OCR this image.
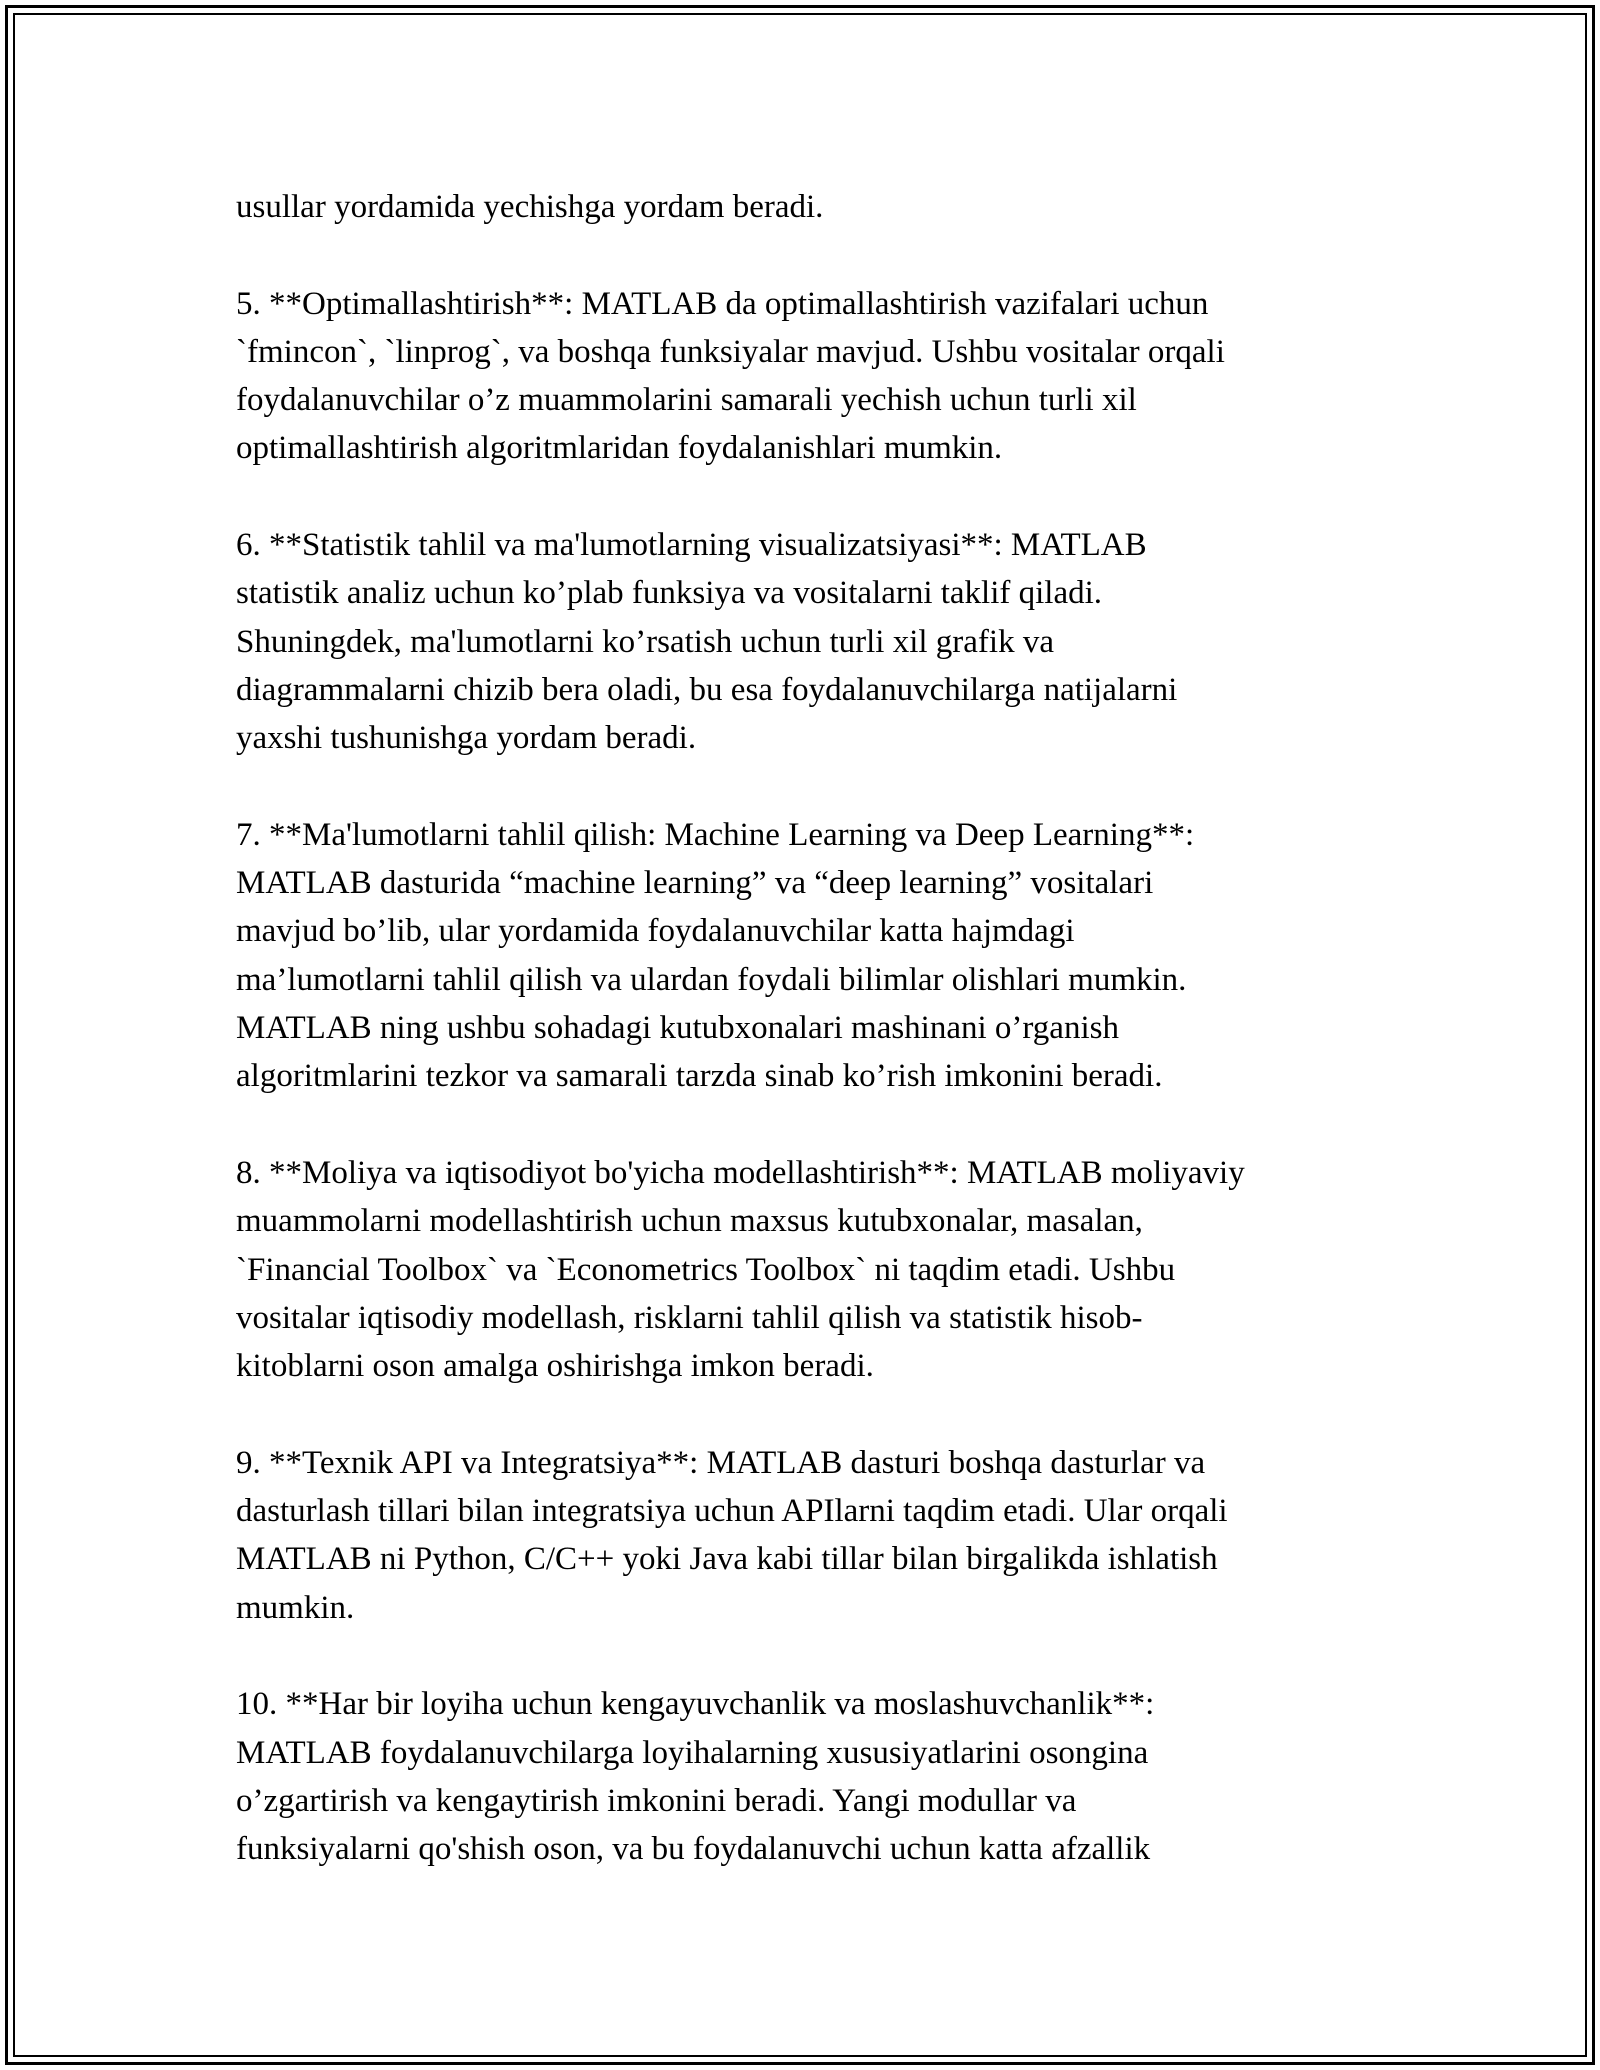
usullar yordamida yechishga yordam beradi.

5. **Optimallashtirish**: MATLAB da optimallashtirish vazifalari uchun
`fmincon`, `linprog`, va boshqa funksiyalar mavjud. Ushbu vositalar orqali
foydalanuvchilar o’z muammolarini samarali yechish uchun turli xil
optimallashtirish algoritmlaridan foydalanishlari mumkin.

6. **Statistik tahlil va ma'lumotlarning visualizatsiyasi**: MATLAB
statistik analiz uchun ko’plab funksiya va vositalarni taklif qiladi.
Shuningdek, ma'lumotlarni ko’rsatish uchun turli xil grafik va
diagrammalarni chizib bera oladi, bu esa foydalanuvchilarga natijalarni
yaxshi tushunishga yordam beradi.

7. **Ma'lumotlarni tahlil qilish: Machine Learning va Deep Learning**:
MATLAB dasturida “machine learning” va “deep learning” vositalari
mavjud bo’lib, ular yordamida foydalanuvchilar katta hajmdagi
ma’lumotlarni tahlil qilish va ulardan foydali bilimlar olishlari mumkin.
MATLAB ning ushbu sohadagi kutubxonalari mashinani o’rganish
algoritmlarini tezkor va samarali tarzda sinab ko’rish imkonini beradi.

8. **Moliya va iqtisodiyot bo'yicha modellashtirish**: MATLAB moliyaviy
muammolarni modellashtirish uchun maxsus kutubxonalar, masalan,
`Financial Toolbox` va `Econometrics Toolbox` ni taqdim etadi. Ushbu
vositalar iqtisodiy modellash, risklarni tahlil qilish va statistik hisob-
kitoblarni oson amalga oshirishga imkon beradi.

9. **Texnik API va Integratsiya**: MATLAB dasturi boshqa dasturlar va
dasturlash tillari bilan integratsiya uchun APIlarni taqdim etadi. Ular orqali
MATLAB ni Python, C/C++ yoki Java kabi tillar bilan birgalikda ishlatish
mumkin.

10. **Har bir loyiha uchun kengayuvchanlik va moslashuvchanlik**:
MATLAB foydalanuvchilarga loyihalarning xususiyatlarini osongina
o’zgartirish va kengaytirish imkonini beradi. Yangi modullar va
funksiyalarni qo'shish oson, va bu foydalanuvchi uchun katta afzallik
